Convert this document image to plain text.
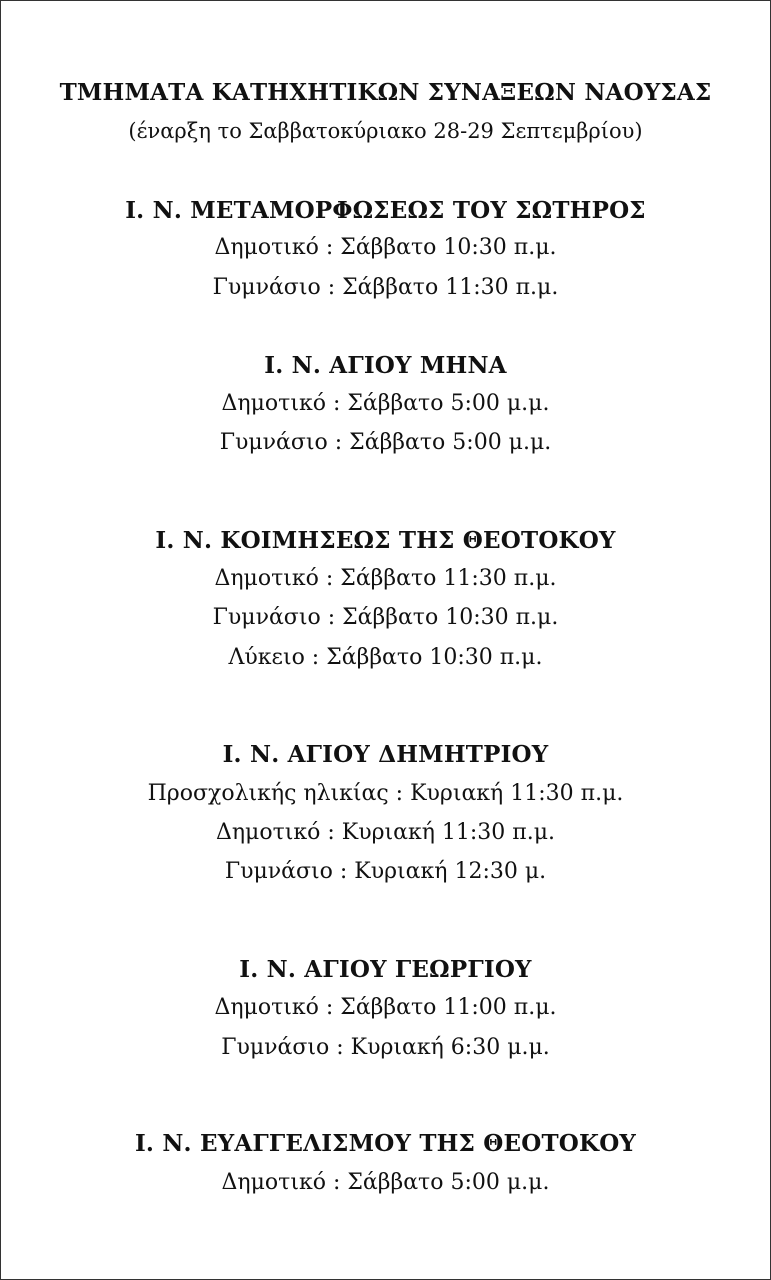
ΤΜΗΜΑΤΑ ΚΑΤΗΧΗΤΙΚΩΝ ΣΥΝΑΞΕΩΝ ΝΑΟΥΣΑΣ
(έναρξη το Σαββατοκύριακο 28-29 Σεπτεμβρίου)
Ι. Ν. ΜΕΤΑΜΟΡΦΩΣΕΩΣ ΤΟΥ ΣΩΤΗΡΟΣ
Δημοτικό : Σάββατο 10:30 π.μ.
Γυμνάσιο : Σάββατο 11:30 π.μ.
Ι. Ν. ΑΓΙΟΥ ΜΗΝΑ
Δημοτικό : Σάββατο 5:00 μ.μ.
Γυμνάσιο : Σάββατο 5:00 μ.μ.
Ι. Ν. ΚΟΙΜΗΣΕΩΣ ΤΗΣ ΘΕΟΤΟΚΟΥ
Δημοτικό : Σάββατο 11:30 π.μ.
Γυμνάσιο : Σάββατο 10:30 π.μ.
Λύκειο : Σάββατο 10:30 π.μ.
Ι. Ν. ΑΓΙΟΥ ΔΗΜΗΤΡΙΟΥ
Προσχολικής ηλικίας : Κυριακή 11:30 π.μ.
Δημοτικό : Κυριακή 11:30 π.μ.
Γυμνάσιο : Κυριακή 12:30 μ.
Ι. Ν. ΑΓΙΟΥ ΓΕΩΡΓΙΟΥ
Δημοτικό : Σάββατο 11:00 π.μ.
Γυμνάσιο : Κυριακή 6:30 μ.μ.
Ι. Ν. ΕΥΑΓΓΕΛΙΣΜΟΥ ΤΗΣ ΘΕΟΤΟΚΟΥ
Δημοτικό : Σάββατο 5:00 μ.μ.
